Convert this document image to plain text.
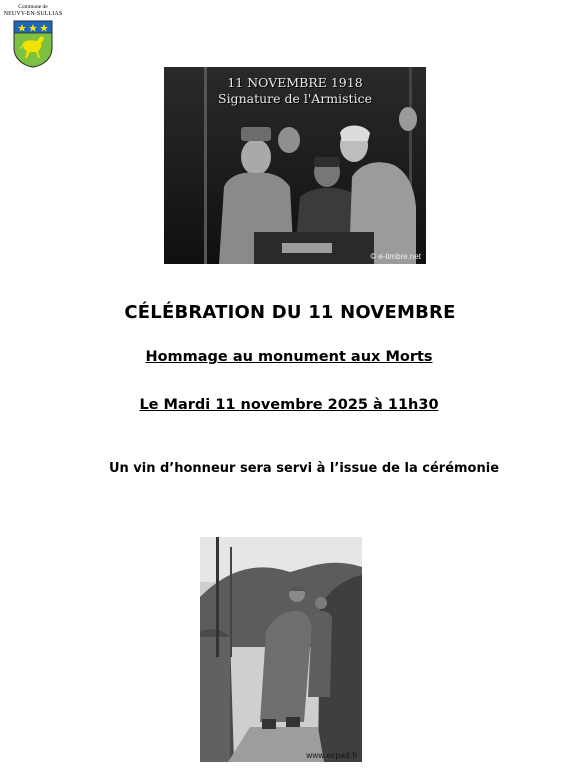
Commune de
NEUVY-EN-SULLIAS
11 NOVEMBRE 1918
Signature de l'Armistice
© e-timbre.net
CÉLÉBRATION DU 11 NOVEMBRE
Hommage au monument aux Morts
Le Mardi 11 novembre 2025 à 11h30
Un vin d’honneur sera servi à l’issue de la cérémonie
www.ecpad.fr
